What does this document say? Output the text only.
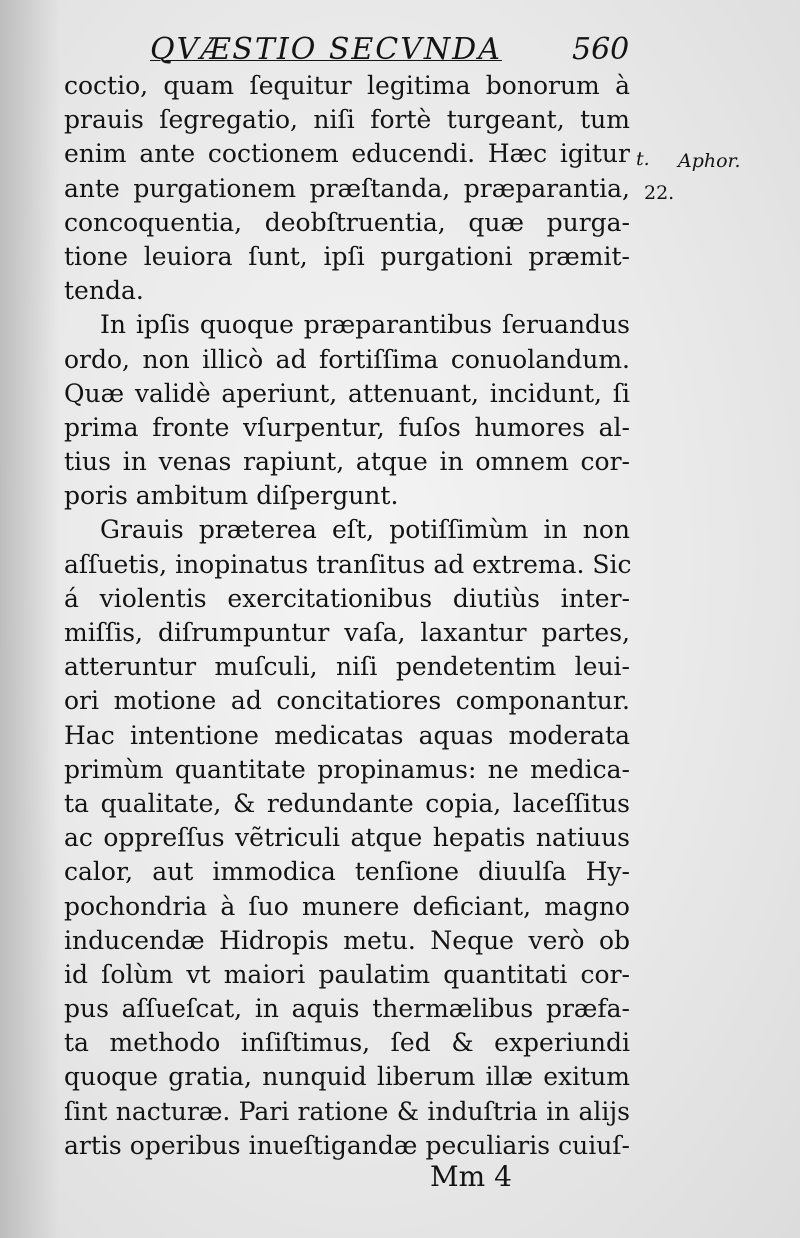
QVÆSTIO SECVNDA 560
t.
22.
Aphor.
coctio, quam ſequitur legitima bonorum à
prauis ſegregatio, niſi fortè turgeant, tum
enim ante coctionem educendi. Hæc igitur
ante purgationem præſtanda, præparantia,
concoquentia, deobſtruentia, quæ purga-
tione leuiora ſunt, ipſi purgationi præmit-
tenda.
In ipſis quoque præparantibus ſeruandus
ordo, non illicò ad fortiſſima conuolandum.
Quæ validè aperiunt, attenuant, incidunt, ſi
prima fronte vſurpentur, fuſos humores al-
tius in venas rapiunt, atque in omnem cor-
poris ambitum diſpergunt.
Grauis præterea eſt, potiſſimùm in non
aſſuetis, inopinatus tranſitus ad extrema. Sic
á violentis exercitationibus diutiùs inter-
miſſis, diſrumpuntur vaſa, laxantur partes,
atteruntur muſculi, niſi pendetentim leui-
ori motione ad concitatiores componantur.
Hac intentione medicatas aquas moderata
primùm quantitate propinamus: ne medica-
ta qualitate, & redundante copia, laceſſitus
ac oppreſſus vẽtriculi atque hepatis natiuus
calor, aut immodica tenſione diuulſa Hy-
pochondria à ſuo munere deficiant, magno
inducendæ Hidropis metu. Neque verò ob
id ſolùm vt maiori paulatim quantitati cor-
pus aſſueſcat, in aquis thermælibus præfa-
ta methodo inſiſtimus, ſed & experiundi
quoque gratia, nunquid liberum illæ exitum
ſint nacturæ. Pari ratione & induſtria in alijs
artis operibus inueſtigandæ peculiaris cuiuſ-
Mm 4
